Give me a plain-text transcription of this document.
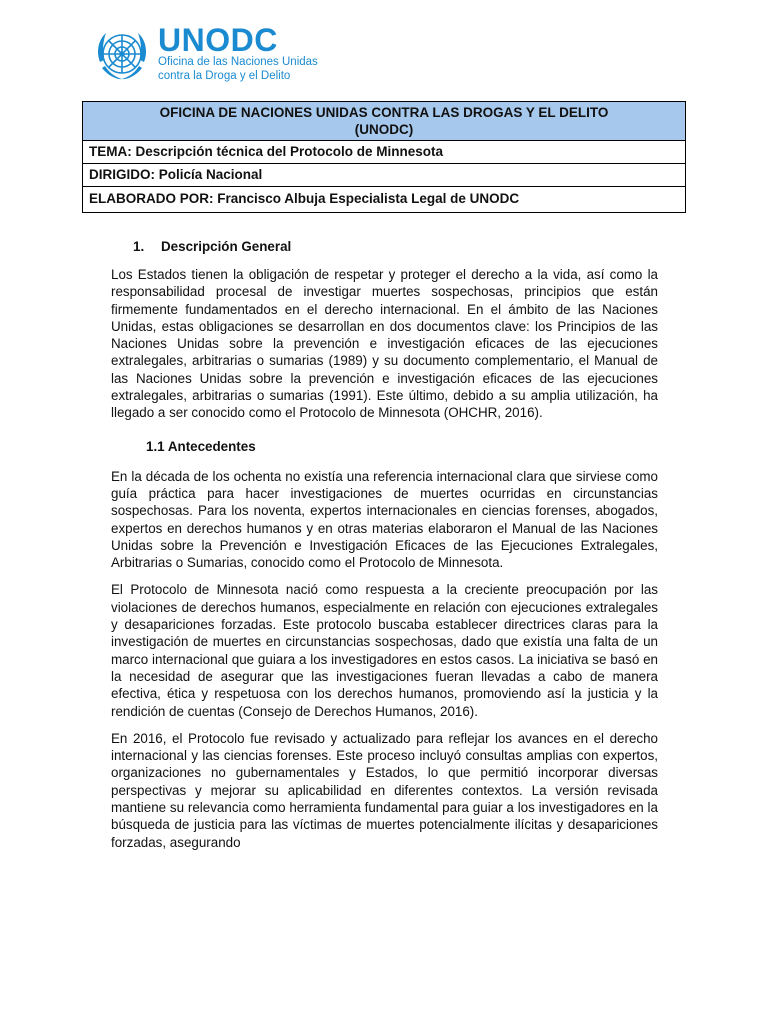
UNODC
Oficina de las Naciones Unidas
contra la Droga y el Delito
OFICINA DE NACIONES UNIDAS CONTRA LAS DROGAS Y EL DELITO
(UNODC)
TEMA: Descripción técnica del Protocolo de Minnesota
DIRIGIDO: Policía Nacional
ELABORADO POR: Francisco Albuja Especialista Legal de UNODC
1. Descripción General

Los Estados tienen la obligación de respetar y proteger el derecho a la vida, así como la responsabilidad procesal de investigar muertes sospechosas, principios que están firmemente fundamentados en el derecho internacional. En el ámbito de las Naciones Unidas, estas obligaciones se desarrollan en dos documentos clave: los Principios de las Naciones Unidas sobre la prevención e investigación eficaces de las ejecuciones extralegales, arbitrarias o sumarias (1989) y su documento complementario, el Manual de las Naciones Unidas sobre la prevención e investigación eficaces de las ejecuciones extralegales, arbitrarias o sumarias (1991). Este último, debido a su amplia utilización, ha llegado a ser conocido como el Protocolo de Minnesota (OHCHR, 2016).

1.1 Antecedentes

En la década de los ochenta no existía una referencia internacional clara que sirviese como guía práctica para hacer investigaciones de muertes ocurridas en circunstancias sospechosas. Para los noventa, expertos internacionales en ciencias forenses, abogados, expertos en derechos humanos y en otras materias elaboraron el Manual de las Naciones Unidas sobre la Prevención e Investigación Eficaces de las Ejecuciones Extralegales, Arbitrarias o Sumarias, conocido como el Protocolo de Minnesota.

El Protocolo de Minnesota nació como respuesta a la creciente preocupación por las violaciones de derechos humanos, especialmente en relación con ejecuciones extralegales y desapariciones forzadas. Este protocolo buscaba establecer directrices claras para la investigación de muertes en circunstancias sospechosas, dado que existía una falta de un marco internacional que guiara a los investigadores en estos casos. La iniciativa se basó en la necesidad de asegurar que las investigaciones fueran llevadas a cabo de manera efectiva, ética y respetuosa con los derechos humanos, promoviendo así la justicia y la rendición de cuentas (Consejo de Derechos Humanos, 2016).

En 2016, el Protocolo fue revisado y actualizado para reflejar los avances en el derecho internacional y las ciencias forenses. Este proceso incluyó consultas amplias con expertos, organizaciones no gubernamentales y Estados, lo que permitió incorporar diversas perspectivas y mejorar su aplicabilidad en diferentes contextos. La versión revisada mantiene su relevancia como herramienta fundamental para guiar a los investigadores en la búsqueda de justicia para las víctimas de muertes potencialmente ilícitas y desapariciones forzadas, asegurando
